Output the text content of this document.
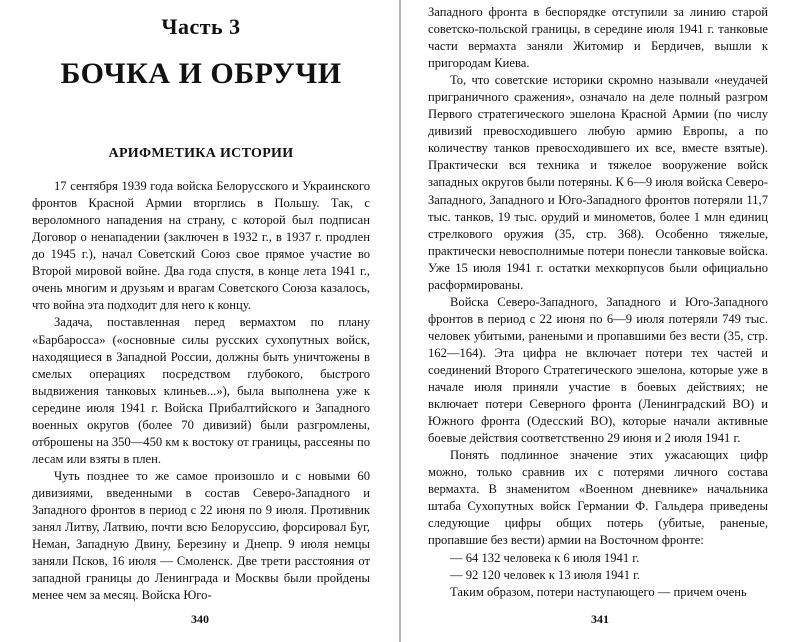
Часть 3
БОЧКА И ОБРУЧИ
АРИФМЕТИКА ИСТОРИИ

17 сентября 1939 года войска Белорусского и Украинского фронтов Красной Армии вторглись в Польшу. Так, с вероломного нападения на страну, с которой был подписан Договор о ненападении (заключен в 1932 г., в 1937 г. продлен до 1945 г.), начал Советский Союз свое прямое участие во Второй мировой войне. Два года спустя, в конце лета 1941 г., очень многим и друзьям и врагам Советского Союза казалось, что война эта подходит для него к концу.

Задача, поставленная перед вермахтом по плану «Барбаросса» («основные силы русских сухопутных войск, находящиеся в Западной России, должны быть уничтожены в смелых операциях посредством глубокого, быстрого выдвижения танковых клиньев...»), была выполнена уже к середине июля 1941 г. Войска Прибалтийского и Западного военных округов (более 70 дивизий) были разгромлены, отброшены на 350—450 км к востоку от границы, рассеяны по лесам или взяты в плен.

Чуть позднее то же самое произошло и с новыми 60 дивизиями, введенными в состав Северо-Западного и Западного фронтов в период с 22 июня по 9 июля. Противник занял Литву, Латвию, почти всю Белоруссию, форсировал Буг, Неман, Западную Двину, Березину и Днепр. 9 июля немцы заняли Псков, 16 июля — Смоленск. Две трети расстояния от западной границы до Ленинграда и Москвы были пройдены менее чем за месяц. Войска Юго-

340

Западного фронта в беспорядке отступили за линию старой советско-польской границы, в середине июля 1941 г. танковые части вермахта заняли Житомир и Бердичев, вышли к пригородам Киева.

То, что советские историки скромно называли «неудачей приграничного сражения», означало на деле полный разгром Первого стратегического эшелона Красной Армии (по числу дивизий превосходившего любую армию Европы, а по количеству танков превосходившего их все, вместе взятые). Практически вся техника и тяжелое вооружение войск западных округов были потеряны. К 6—9 июля войска Северо-Западного, Западного и Юго-Западного фронтов потеряли 11,7 тыс. танков, 19 тыс. орудий и минометов, более 1 млн единиц стрелкового оружия (35, стр. 368). Особенно тяжелые, практически невосполнимые потери понесли танковые войска. Уже 15 июля 1941 г. остатки мехкорпусов были официально расформированы.

Войска Северо-Западного, Западного и Юго-Западного фронтов в период с 22 июня по 6—9 июля потеряли 749 тыс. человек убитыми, ранеными и пропавшими без вести (35, стр. 162—164). Эта цифра не включает потери тех частей и соединений Второго Стратегического эшелона, которые уже в начале июля приняли участие в боевых действиях; не включает потери Северного фронта (Ленинградский ВО) и Южного фронта (Одесский ВО), которые начали активные боевые действия соответственно 29 июня и 2 июля 1941 г.

Понять подлинное значение этих ужасающих цифр можно, только сравнив их с потерями личного состава вермахта. В знаменитом «Военном дневнике» начальника штаба Сухопутных войск Германии Ф. Гальдера приведены следующие цифры общих потерь (убитые, раненые, пропавшие без вести) армии на Восточном фронте:

— 64 132 человека к 6 июля 1941 г.

— 92 120 человек к 13 июля 1941 г.

Таким образом, потери наступающего — причем очень

341
